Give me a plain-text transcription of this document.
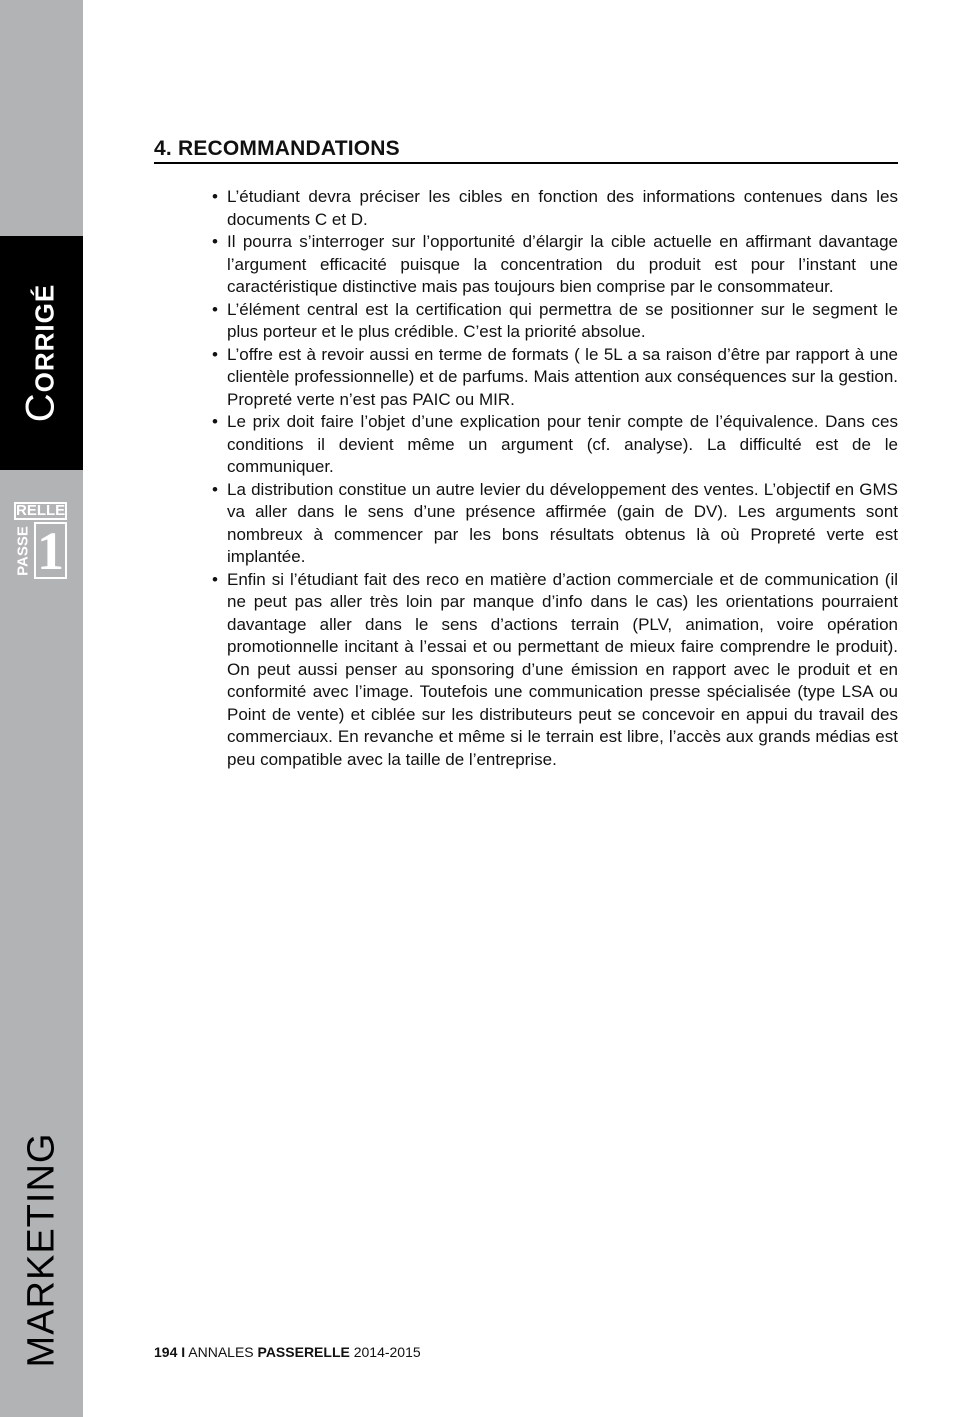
CORRIGÉ
RELLE
PASSE 1
MARKETING
4. RECOMMANDATIONS
• L’étudiant devra préciser les cibles en fonction des informations contenues dans les documents C et D.
• Il pourra s’interroger sur l’opportunité d’élargir la cible actuelle en affirmant davantage l’argument efficacité puisque la concentration du produit est pour l’instant une caractéristique distinctive mais pas toujours bien comprise par le consommateur.
• L’élément central est la certification qui permettra de se positionner sur le segment le plus porteur et le plus crédible. C’est la priorité absolue.
• L’offre est à revoir aussi en terme de formats ( le 5L a sa raison d’être par rapport à une clientèle professionnelle) et de parfums. Mais attention aux conséquences sur la gestion. Propreté verte n’est pas PAIC ou MIR.
• Le prix doit faire l’objet d’une explication pour tenir compte de l’équivalence. Dans ces conditions il devient même un argument (cf. analyse). La difficulté est de le communiquer.
• La distribution constitue un autre levier du développement des ventes. L’objectif en GMS va aller dans le sens d’une présence affirmée (gain de DV). Les arguments sont nombreux à commencer par les bons résultats obtenus là où Propreté verte est implantée.
• Enfin si l’étudiant fait des reco en matière d’action commerciale et de communication (il ne peut pas aller très loin par manque d’info dans le cas) les orientations pourraient davantage aller dans le sens d’actions terrain (PLV, animation, voire opération promotionnelle incitant à l’essai et ou permettant de mieux faire comprendre le produit). On peut aussi penser au sponsoring d’une émission en rapport avec le produit et en conformité avec l’image. Toutefois une communication presse spécialisée (type LSA ou Point de vente) et ciblée sur les distributeurs peut se concevoir en appui du travail des commerciaux. En revanche et même si le terrain est libre, l’accès aux grands médias est peu compatible avec la taille de l’entreprise.
194 I ANNALES PASSERELLE 2014-2015
